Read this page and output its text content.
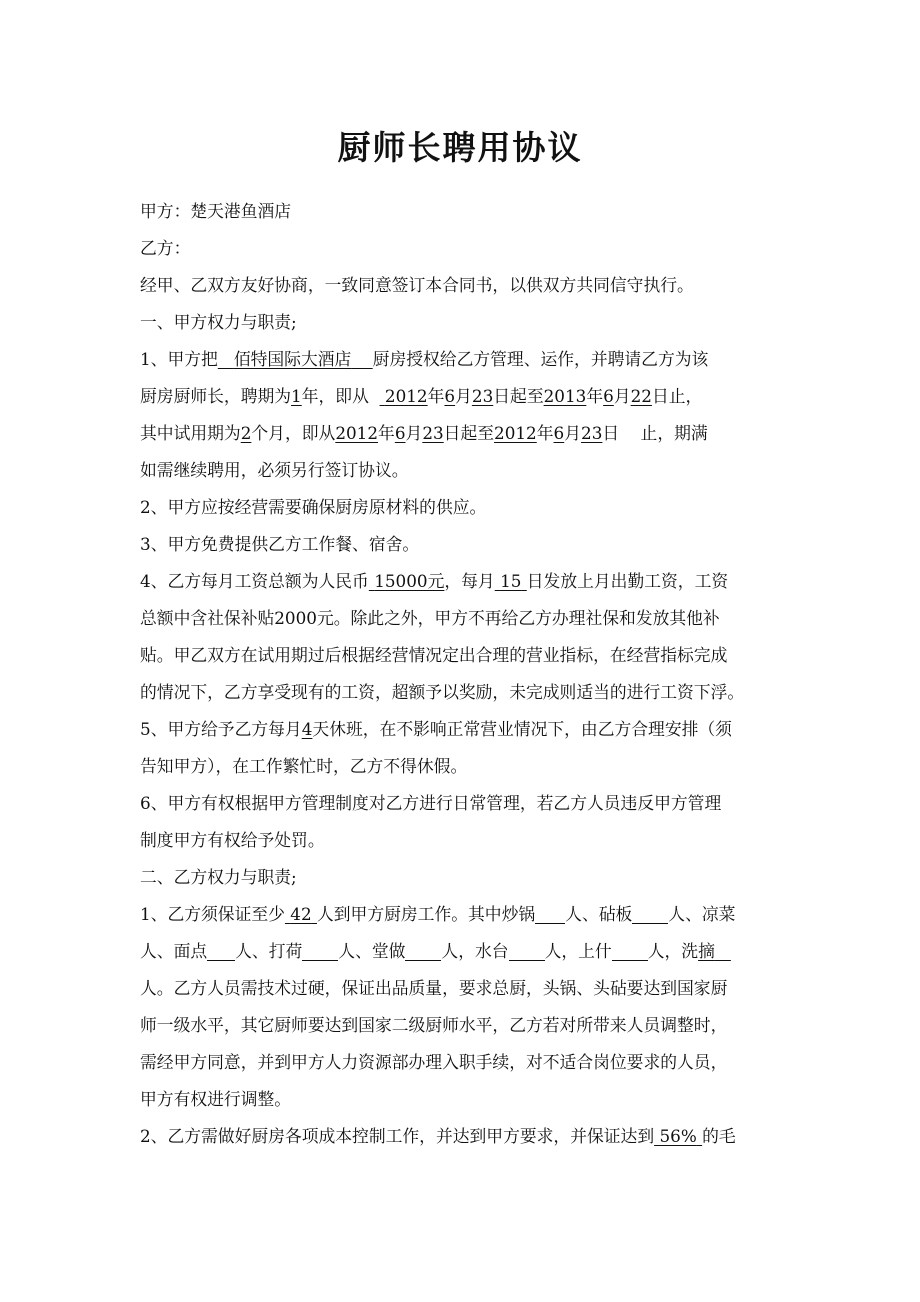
厨师长聘用协议
甲方：楚天港鱼酒店
乙方：
经甲、乙双方友好协商，一致同意签订本合同书，以供双方共同信守执行。
一、甲方权力与职责;
1、甲方把 佰特国际大酒店 厨房授权给乙方管理、运作，并聘请乙方为该
厨房厨师长，聘期为1年，即从 2012年6月23日起至2013年6月22日止，
其中试用期为2个月，即从2012年6月23日起至2012年6月23日 止，期满
如需继续聘用，必须另行签订协议。
2、甲方应按经营需要确保厨房原材料的供应。
3、甲方免费提供乙方工作餐、宿舍。
4、乙方每月工资总额为人民币 15000元，每月 15 日发放上月出勤工资，工资
总额中含社保补贴2000元。除此之外，甲方不再给乙方办理社保和发放其他补
贴。甲乙双方在试用期过后根据经营情况定出合理的营业指标，在经营指标完成
的情况下，乙方享受现有的工资，超额予以奖励，未完成则适当的进行工资下浮。
5、甲方给予乙方每月4天休班，在不影响正常营业情况下，由乙方合理安排（须
告知甲方），在工作繁忙时，乙方不得休假。
6、甲方有权根据甲方管理制度对乙方进行日常管理，若乙方人员违反甲方管理
制度甲方有权给予处罚。
二、乙方权力与职责;
1、乙方须保证至少 42 人到甲方厨房工作。其中炒锅 人、砧板 人、凉菜
人、面点 人、打荷 人、堂做 人，水台 人，上什 人，洗摘
人。乙方人员需技术过硬，保证出品质量，要求总厨，头锅、头砧要达到国家厨
师一级水平，其它厨师要达到国家二级厨师水平，乙方若对所带来人员调整时，
需经甲方同意，并到甲方人力资源部办理入职手续，对不适合岗位要求的人员，
甲方有权进行调整。
2、乙方需做好厨房各项成本控制工作，并达到甲方要求，并保证达到 56% 的毛
